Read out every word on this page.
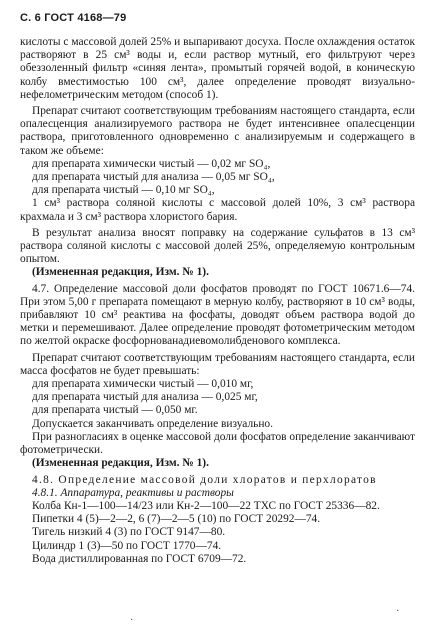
С. 6 ГОСТ 4168—79

кислоты с массовой долей 25% и выпаривают досуха. После охлаждения остаток растворяют в 25 см³ воды и, если раствор мутный, его фильтруют через обеззоленный фильтр «синяя лента», промытый горячей водой, в коническую колбу вместимостью 100 см³, далее определение проводят визуально-нефелометрическим методом (способ 1).

Препарат считают соответствующим требованиям настоящего стандарта, если опалесценция анализируемого раствора не будет интенсивнее опалесценции раствора, приготовленного одновременно с анализируемым и содержащего в таком же объеме:

для препарата химически чистый — 0,02 мг SO₄,

для препарата чистый для анализа — 0,05 мг SO₄,

для препарата чистый — 0,10 мг SO₄,

1 см³ раствора соляной кислоты с массовой долей 10%, 3 см³ раствора крахмала и 3 см³ раствора хлористого бария.

В результат анализа вносят поправку на содержание сульфатов в 13 см³ раствора соляной кислоты с массовой долей 25%, определяемую контрольным опытом.

(Измененная редакция, Изм. № 1).

4.7. Определение массовой доли фосфатов проводят по ГОСТ 10671.6—74. При этом 5,00 г препарата помещают в мерную колбу, растворяют в 10 см³ воды, прибавляют 10 см³ реактива на фосфаты, доводят объем раствора водой до метки и перемешивают. Далее определение проводят фотометрическим методом по желтой окраске фосфорнованадиевомолибденового комплекса.

Препарат считают соответствующим требованиям настоящего стандарта, если масса фосфатов не будет превышать:

для препарата химически чистый — 0,010 мг,

для препарата чистый для анализа — 0,025 мг,

для препарата чистый — 0,050 мг.

Допускается заканчивать определение визуально.

При разногласиях в оценке массовой доли фосфатов определение заканчивают фотометрически.

(Измененная редакция, Изм. № 1).

4.8. Определение массовой доли хлоратов и перхлоратов

4.8.1. Аппаратура, реактивы и растворы

Колба Кн-1—100—14/23 или Кн-2—100—22 ТХС по ГОСТ 25336—82.

Пипетки 4 (5)—2—2, 6 (7)—2—5 (10) по ГОСТ 20292—74.

Тигель низкий 4 (3) по ГОСТ 9147—80.

Цилиндр 1 (3)—50 по ГОСТ 1770—74.

Вода дистиллированная по ГОСТ 6709—72.

·
·
